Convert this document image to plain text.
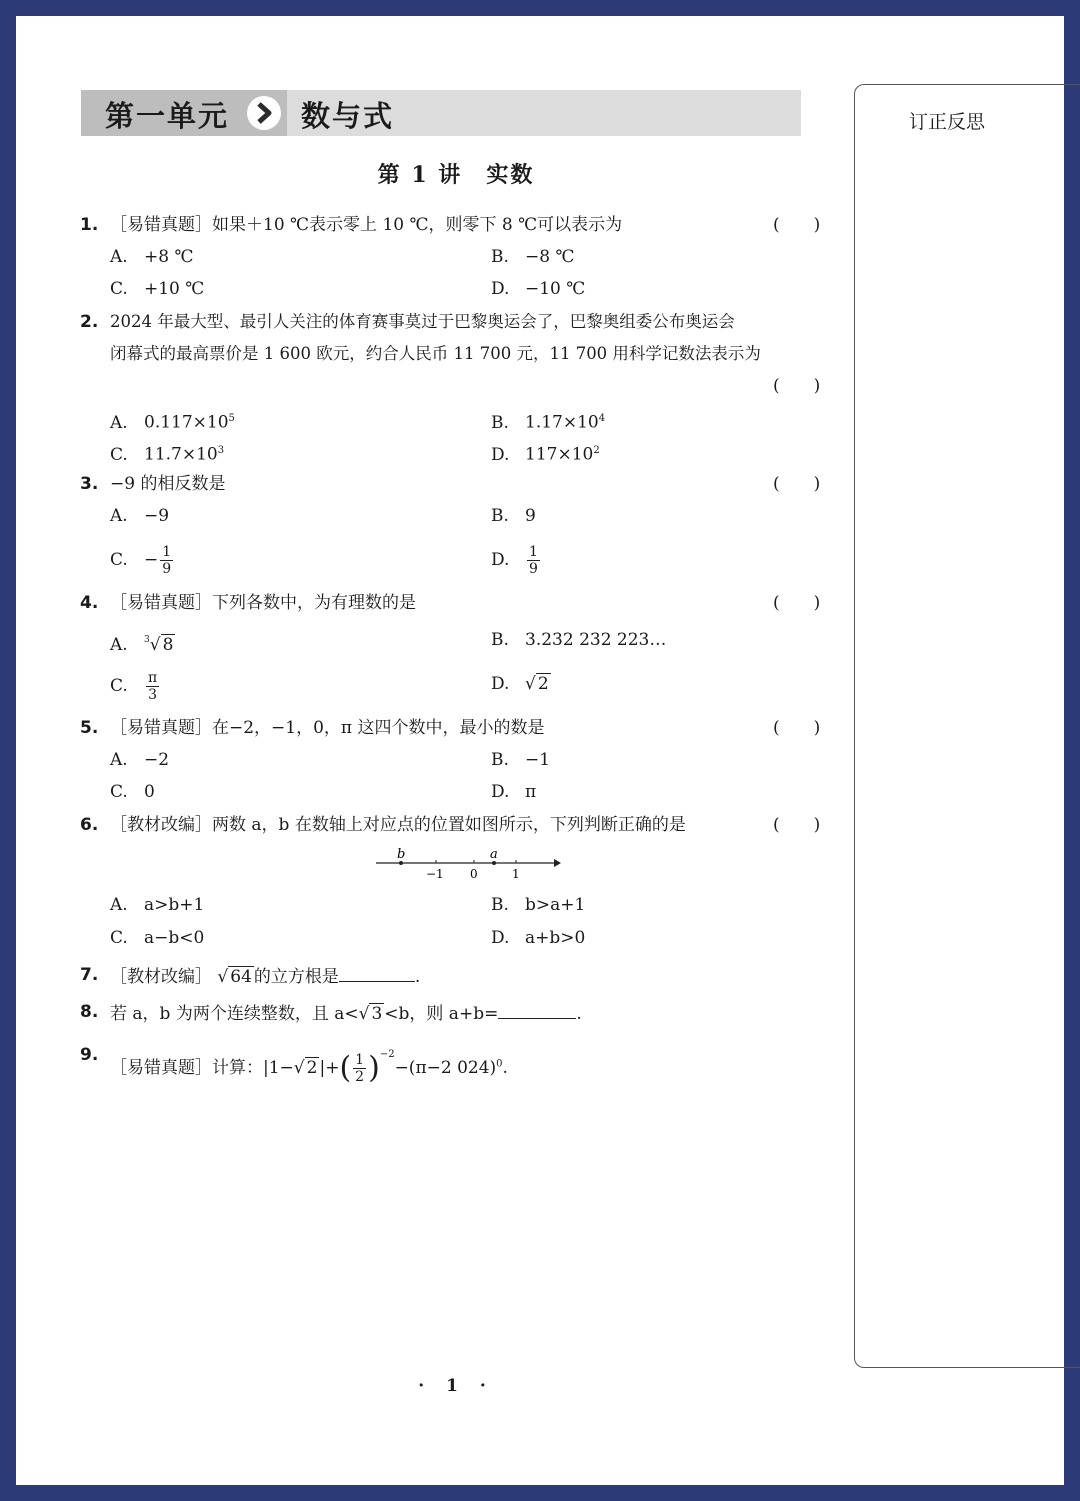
第一单元 数与式
第 1 讲 实数
订正反思
1. ［易错真题］如果＋10 ℃表示零上 10 ℃，则零下 8 ℃可以表示为	(　　)
A. +8 ℃	B. −8 ℃
C. +10 ℃	D. −10 ℃
2. 2024 年最大型、最引人关注的体育赛事莫过于巴黎奥运会了，巴黎奥组委公布奥运会
闭幕式的最高票价是 1 600 欧元，约合人民币 11 700 元，11 700 用科学记数法表示为
(　　)
A. $0.117\times 10^5$	B. $1.17\times 10^4$
C. $11.7\times 10^3$	D. $117\times 10^2$
3. −9 的相反数是	(　　)
A. −9	B. 9
C. − $\frac{1}{9}$	D. $\frac{1}{9}$
4. ［易错真题］下列各数中，为有理数的是	(　　)
A. $^3$√ 8	B. 3.232 232 223…
C. $\frac{\pi}{3}$	D. √ 2
5. ［易错真题］在−2，−1，0，π 这四个数中，最小的数是	(　　)
A. −2	B. −1
C. 0	D. π
6. ［教材改编］两数 a，b 在数轴上对应点的位置如图所示，下列判断正确的是	(　　)
b	a
−1 0	1
A. a>b+1	B. b>a+1
C. a−b<0	D. a+b>0
7. ［教材改编］ √ 64 的立方根是	.
8. 若 a，b 为两个连续整数，且 a<√ 3 <b，则 a+b=	.
9.
［易错真题］计算：|1−√ 2 |+( $\frac{1}{2} )^{-2}-(\pi-2$ 024)$^0$.
· 1 ·
